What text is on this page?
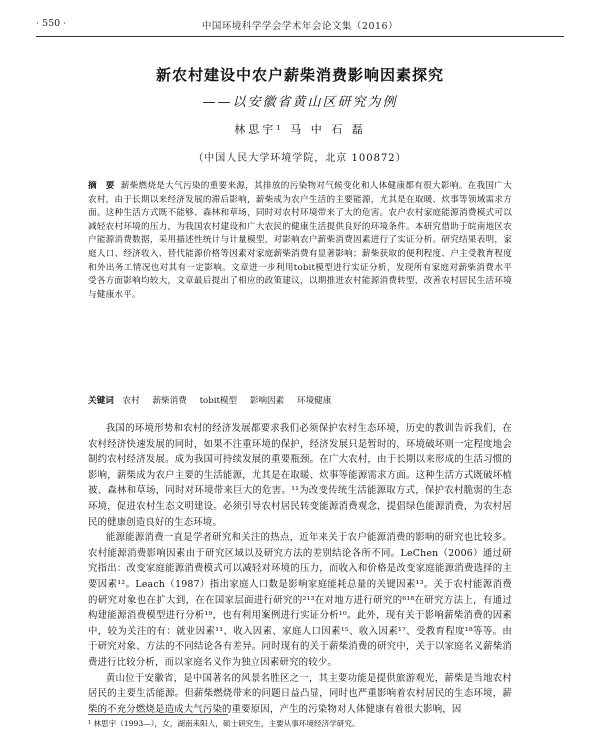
· 550 ·	中国环境科学学会学术年会论文集（2016）
新农村建设中农户薪柴消费影响因素探究
——以安徽省黄山区研究为例
林思宇¹ 马 中 石 磊
（中国人民大学环境学院，北京 100872）
摘　要 薪柴燃烧是大气污染的重要来源，其排放的污染物对气候变化和人体健康都有很大影响。在我国广大农村，由于长期以来经济发展的滞后影响，薪柴成为农户生活的主要能源，尤其是在取暖、炊事等领域需求方面。这种生活方式既不能够、森林和草场，同时对农村环境带来了大的危害。农户农村家庭能源消费模式可以减轻农村环境的压力，为我国农村建设和广大农民的健康生活提供良好的环境条件。本研究借助于皖南地区农户能源消费数据，采用描述性统计与计量模型，对影响农户薪柴消费因素进行了实证分析。研究结果表明，家庭人口、经济收入、替代能源价格等因素对家庭薪柴消费有显著影响；薪柴获取的便利程度、户主受教育程度和外出务工情况也对其有一定影响。文章进一步利用tobit模型进行实证分析，发现所有家庭对薪柴消费水平受各方面影响均较大，文章最后提出了相应的政策建议，以期推进农村能源消费转型，改善农村居民生活环境与健康水平。
关键词 农村 薪柴消费 tobit模型 影响因素 环境健康

我国的环境形势和农村的经济发展都要求我们必须保护农村生态环境，历史的教训告诉我们，在农村经济快速发展的同时，如果不注重环境的保护，经济发展只是暂时的，环境破坏则一定程度地会制约农村经济发展。成为我国可持续发展的重要瓶颈。在广大农村，由于长期以来形成的生活习惯的影响，薪柴成为农户主要的生活能源，尤其是在取暖、炊事等能源需求方面。这种生活方式既破坏植被、森林和草场，同时对环境带来巨大的危害。¹¹为改变传统生活能源取方式，保护农村脆弱的生态环境，促进农村生态文明建设。必须引导农村居民转变能源消费观念，提倡绿色能源消费，为农村居民的健康创造良好的生态环境。

能源能源消费一直是学者研究和关注的热点，近年来关于农户能源消费的影响的研究也比较多。农村能源消费影响因素由于研究区域以及研究方法的差别结论各所不同。LeChen（2006）通过研究指出：改变家庭能源消费模式可以减轻对环境的压力，而收入和价格是改变家庭能源消费选择的主要因素¹²。Leach（1987）指出家庭人口数是影响家庭能耗总量的关键因素¹³。关于农村能源消费的研究对象也在扩大到，在在国家层面进行研究的²¹³在对地方进行研究的⁶¹⁸在研究方法上，有通过构建能源消费模型进行分析¹⁹，也有利用案例进行实证分析¹⁰。此外，现有关于影响薪柴消费的因素中，较为关注的有：就业因素¹¹、收入因素、家庭人口因素¹⁵、收入因素¹⁷、受教育程度¹⁸等等。由于研究对象、方法的不同结论各有差异。同时现有的关于薪柴消费的研究中，关于以家庭名义薪柴消费进行比较分析，而以家庭名义作为独立因素研究的较少。

黄山位于安徽省，是中国著名的风景名胜区之一，其主要功能是提供旅游观光，薪柴是当地农村居民的主要生活能源。但薪柴燃烧带来的问题日益凸显，同时也严重影响着农村居民的生态环境，薪柴的不充分燃烧是造成大气污染的重要原因，产生的污染物对人体健康有着很大影响，因

¹ 林思宇（1993—），女，湖南耒阳人，硕士研究生，主要从事环境经济学研究。
